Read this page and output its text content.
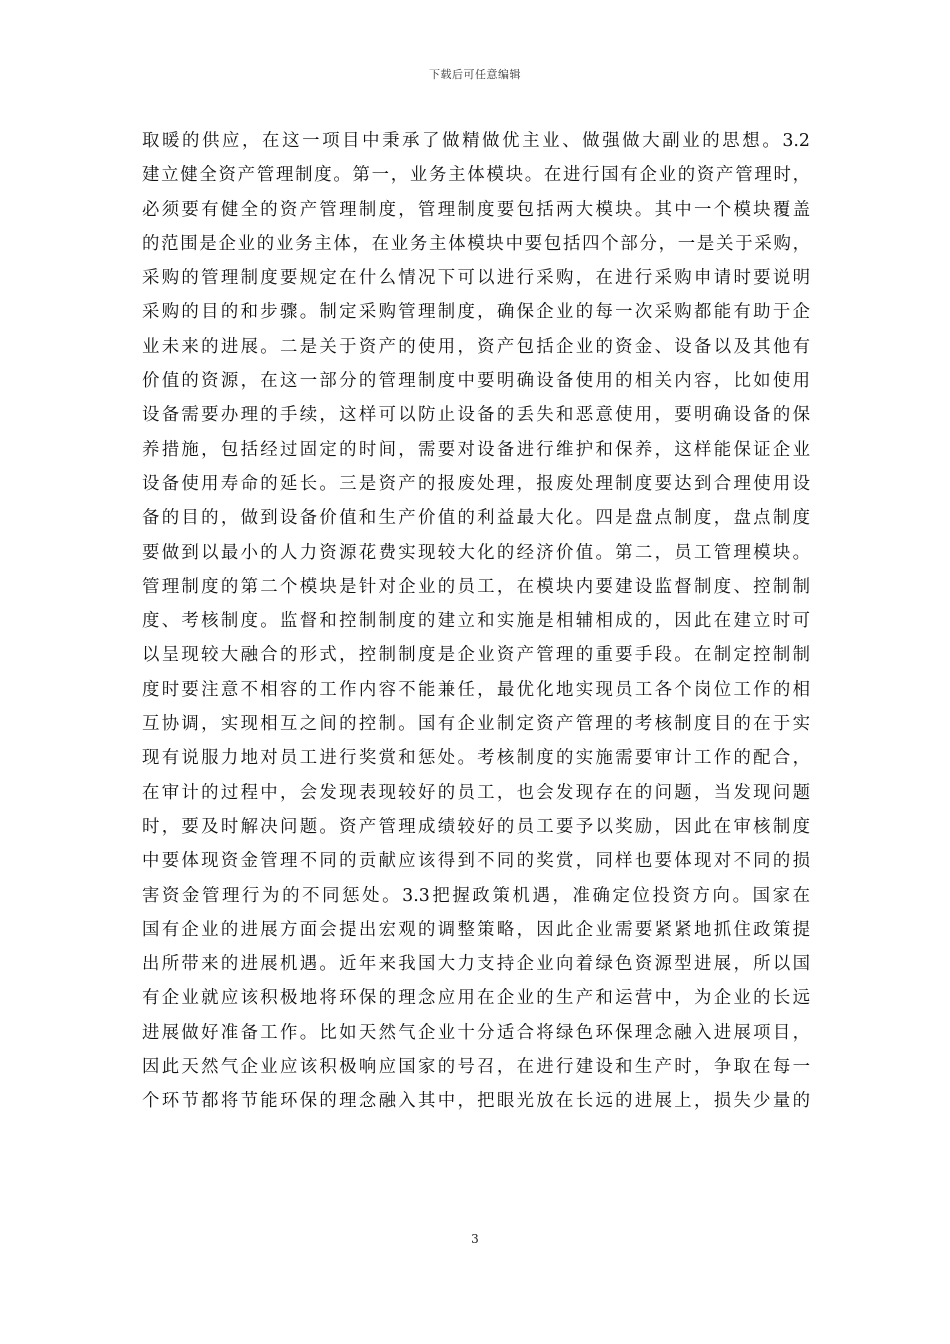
下载后可任意编辑
取暖的供应，在这一项目中秉承了做精做优主业、做强做大副业的思想。3.2
建立健全资产管理制度。第一，业务主体模块。在进行国有企业的资产管理时，
必须要有健全的资产管理制度，管理制度要包括两大模块。其中一个模块覆盖
的范围是企业的业务主体，在业务主体模块中要包括四个部分，一是关于采购，
采购的管理制度要规定在什么情况下可以进行采购，在进行采购申请时要说明
采购的目的和步骤。制定采购管理制度，确保企业的每一次采购都能有助于企
业未来的进展。二是关于资产的使用，资产包括企业的资金、设备以及其他有
价值的资源，在这一部分的管理制度中要明确设备使用的相关内容，比如使用
设备需要办理的手续，这样可以防止设备的丢失和恶意使用，要明确设备的保
养措施，包括经过固定的时间，需要对设备进行维护和保养，这样能保证企业
设备使用寿命的延长。三是资产的报废处理，报废处理制度要达到合理使用设
备的目的，做到设备价值和生产价值的利益最大化。四是盘点制度，盘点制度
要做到以最小的人力资源花费实现较大化的经济价值。第二，员工管理模块。
管理制度的第二个模块是针对企业的员工，在模块内要建设监督制度、控制制
度、考核制度。监督和控制制度的建立和实施是相辅相成的，因此在建立时可
以呈现较大融合的形式，控制制度是企业资产管理的重要手段。在制定控制制
度时要注意不相容的工作内容不能兼任，最优化地实现员工各个岗位工作的相
互协调，实现相互之间的控制。国有企业制定资产管理的考核制度目的在于实
现有说服力地对员工进行奖赏和惩处。考核制度的实施需要审计工作的配合，
在审计的过程中，会发现表现较好的员工，也会发现存在的问题，当发现问题
时，要及时解决问题。资产管理成绩较好的员工要予以奖励，因此在审核制度
中要体现资金管理不同的贡献应该得到不同的奖赏，同样也要体现对不同的损
害资金管理行为的不同惩处。3.3把握政策机遇，准确定位投资方向。国家在
国有企业的进展方面会提出宏观的调整策略，因此企业需要紧紧地抓住政策提
出所带来的进展机遇。近年来我国大力支持企业向着绿色资源型进展，所以国
有企业就应该积极地将环保的理念应用在企业的生产和运营中，为企业的长远
进展做好准备工作。比如天然气企业十分适合将绿色环保理念融入进展项目，
因此天然气企业应该积极响应国家的号召，在进行建设和生产时，争取在每一
个环节都将节能环保的理念融入其中，把眼光放在长远的进展上，损失少量的
3
